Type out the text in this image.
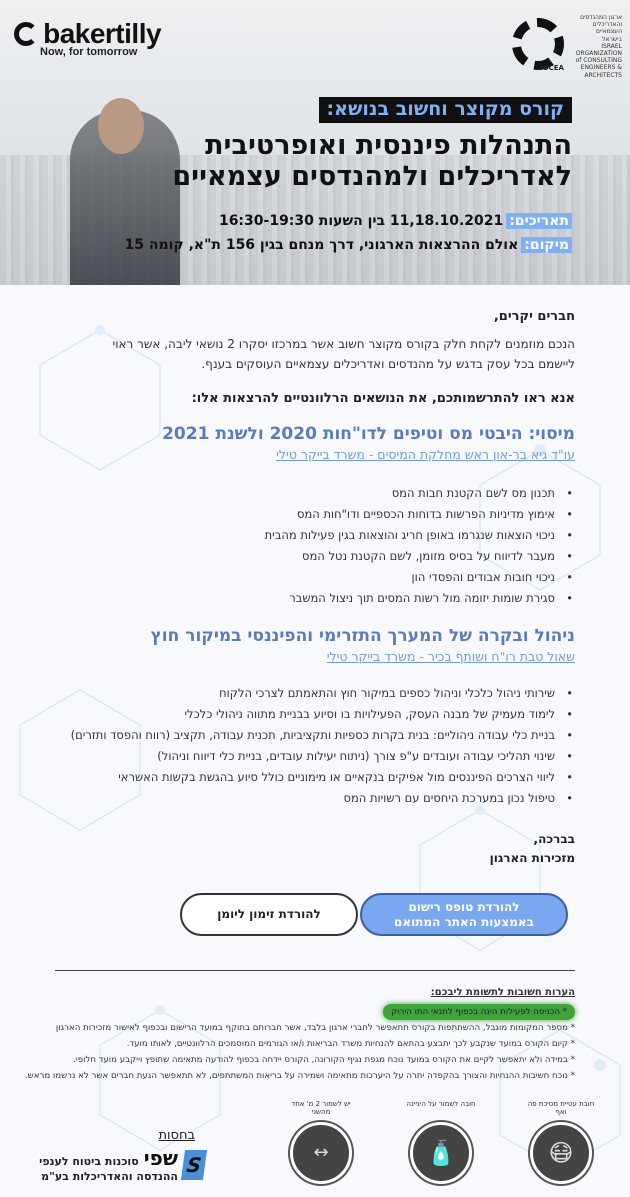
bakertilly
Now, for tomorrow
ארגון המהנדסים
והאדריכלים
העצמאיים
בישראל
ISRAEL
ORGANIZATION
of CONSULTING
ENGINEERS & ARCHITECTS
IOCEA
קורס מקוצר וחשוב בנושא:
התנהלות פיננסית ואופרטיבית
לאדריכלים ולמהנדסים עצמאיים
תאריכים:11,18.10.2021 בין השעות 16:30-19:30
מיקום:אולם ההרצאות הארגוני, דרך מנחם בגין 156 ת"א, קומה 15
חברים יקרים,
הנכם מוזמנים לקחת חלק בקורס מקוצר חשוב אשר במרכזו יסקרו 2 נושאי ליבה, אשר ראוי
ליישמם בכל עסק בדגש על מהנדסים ואדריכלים עצמאיים העוסקים בענף.
אנא ראו להתרשמותכם, את הנושאים הרלוונטיים להרצאות אלו:
מיסוי: היבטי מס וטיפים לדו"חות 2020 ולשנת 2021
עו"ד גיא בר-און ראש מחלקת המיסים - משרד בייקר טילי
• תכנון מס לשם הקטנת חבות המס
• אימוץ מדיניות הפרשות בדוחות הכספיים ודו"חות המס
• ניכוי הוצאות שנגרמו באופן חריג והוצאות בגין פעילות מהבית
• מעבר לדיווח על בסיס מזומן, לשם הקטנת נטל המס
• ניכוי חובות אבודים והפסדי הון
• סגירת שומות יזומה מול רשות המסים תוך ניצול המשבר
ניהול ובקרה של המערך התזרימי והפיננסי במיקור חוץ
שאול טבת רו"ח ושותף בכיר - משרד בייקר טילי
• שירותי ניהול כלכלי וניהול כספים במיקור חוץ והתאמתם לצרכי הלקוח
• לימוד מעמיק של מבנה העסק, הפעילויות בו וסיוע בבניית מתווה ניהולי כלכלי
• בניית כלי עבודה ניהוליים: בנית בקרות כספיות ותקציביות, תכנית עבודה, תקציב (רווח והפסד ותזרים)
• שינוי תהליכי עבודה ועובדים ע"פ צורך (ניתוח יעילות עובדים, בניית כלי דיווח וניהול)
• ליווי הצרכים הפיננסים מול אפיקים בנקאיים או מימוניים כולל סיוע בהגשת בקשות האשראי
• טיפול נכון במערכת היחסים עם רשויות המס
בברכה,
מזכירות הארגון
להורדת טופס רישום
באמצעות האתר המתואם
להורדת זימון ליומן
הערות חשובות לתשומת ליבכם:
* הכניסה לפעילות הינה בכפוף לתנאי התו הירוק
* מספר המקומות מוגבל, ההשתתפות בקורס תתאפשר לחברי ארגון בלבד, אשר חברותם בתוקף במועד הרישום ובכפוף לאישור מזכירות הארגון
* קיום הקורס במועד שנקבע לכך יתבצע בהתאם להנחיות משרד הבריאות ו/או הגורמים המוסמכים הרלוונטיים, לאותו מועד.
* במידה ולא יתאפשר לקיים את הקורס במועד נוכח מגפת נגיף הקורונה, הקורס יידחה בכפוף להודעה מתאימה שתופץ וייקבע מועד חלופי.
* נוכח חשיבות ההנחיות והצורך בהקפדה יתרה על היערכות מתאימה ושמירה על בריאות המשתתפים, לא תתאפשר הגעת חברים אשר לא נרשמו מראש.
חובת עטיית מסיכת פה ואף
😷
חובה לשמור על היגיינה
🧴
יש לשמור 2 מ' אחד מהשני
↔
בחסות
S
שפי סוכנות ביטוח לענפי
ההנדסה והאדריכלות בע"מ
